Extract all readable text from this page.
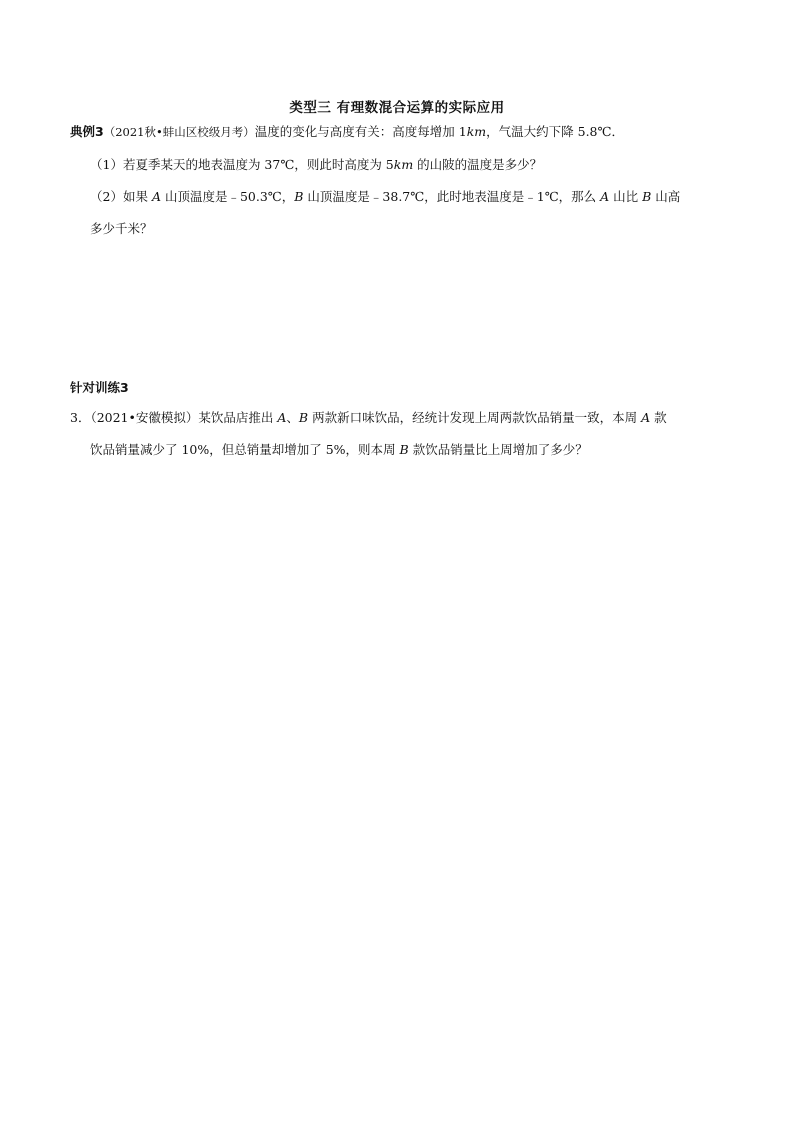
类型三 有理数混合运算的实际应用
典例3（2021秋•蚌山区校级月考）温度的变化与高度有关：高度每增加 1km，气温大约下降 5.8℃．
（1）若夏季某天的地表温度为 37℃，则此时高度为 5km 的山陂的温度是多少？
（2）如果 A 山顶温度是﹣50.3℃，B 山顶温度是﹣38.7℃，此时地表温度是﹣1℃，那么 A 山比 B 山高
多少千米？
针对训练3
3．（2021•安徽模拟）某饮品店推出 A、B 两款新口味饮品，经统计发现上周两款饮品销量一致，本周 A 款
饮品销量减少了 10%，但总销量却增加了 5%，则本周 B 款饮品销量比上周增加了多少？
